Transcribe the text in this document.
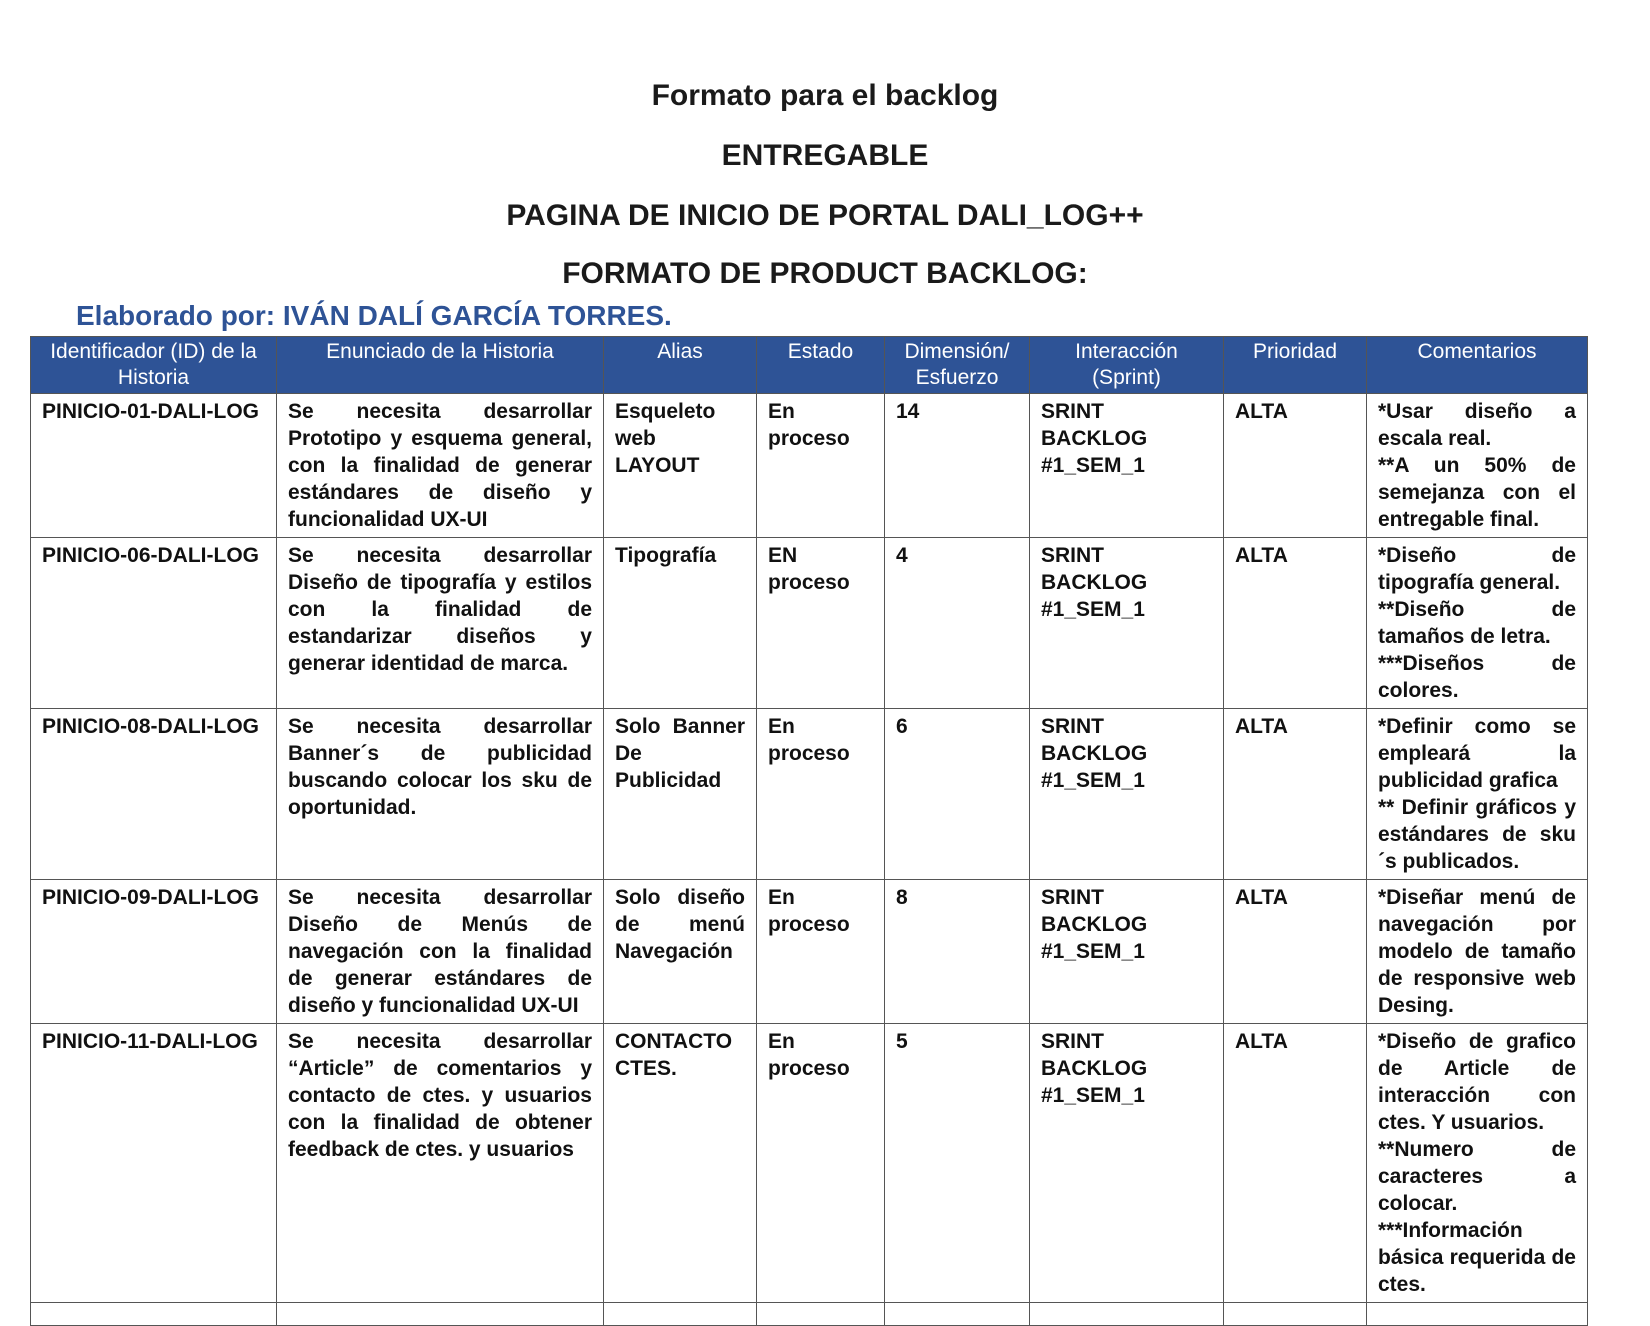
Formato para el backlog
ENTREGABLE
PAGINA DE INICIO DE PORTAL DALI_LOG++
FORMATO DE PRODUCT BACKLOG:
Elaborado por: IVÁN DALÍ GARCÍA TORRES.
Identificador (ID) de la Historia	Enunciado de la Historia	Alias	Estado	Dimensión/ Esfuerzo	Interacción (Sprint)	Prioridad	Comentarios
PINICIO-01-DALI-LOG	Se necesita desarrollar Prototipo y esquema general, con la finalidad de generar estándares de diseño y funcionalidad UX-UI	Esqueleto web LAYOUT	En proceso	14	SRINT BACKLOG #1_SEM_1	ALTA	*Usar diseño a escala real.
**A un 50% de semejanza con el entregable final.

PINICIO-06-DALI-LOG	Se necesita desarrollar Diseño de tipografía y estilos con la finalidad de estandarizar diseños y generar identidad de marca.	Tipografía	EN proceso	4	SRINT BACKLOG #1_SEM_1	ALTA	*Diseño de tipografía general.
**Diseño de tamaños de letra.
***Diseños de colores.

PINICIO-08-DALI-LOG	Se necesita desarrollar Banner´s de publicidad buscando colocar los sku de oportunidad.	Solo Banner De Publicidad	En proceso	6	SRINT BACKLOG #1_SEM_1	ALTA	*Definir como se empleará la publicidad grafica
** Definir gráficos y estándares de sku´s publicados.

PINICIO-09-DALI-LOG	Se necesita desarrollar Diseño de Menús de navegación con la finalidad de generar estándares de diseño y funcionalidad UX-UI	Solo diseño de menú Navegación	En proceso	8	SRINT BACKLOG #1_SEM_1	ALTA	*Diseñar menú de navegación por modelo de tamaño de responsive web Desing.

PINICIO-11-DALI-LOG	Se necesita desarrollar “Article” de comentarios y contacto de ctes. y usuarios con la finalidad de obtener feedback de ctes. y usuarios	CONTACTO CTES.	En proceso	5	SRINT BACKLOG #1_SEM_1	ALTA	*Diseño de grafico de Article de interacción con ctes. Y usuarios.
**Numero de caracteres a colocar.
***Información básica requerida de ctes.
